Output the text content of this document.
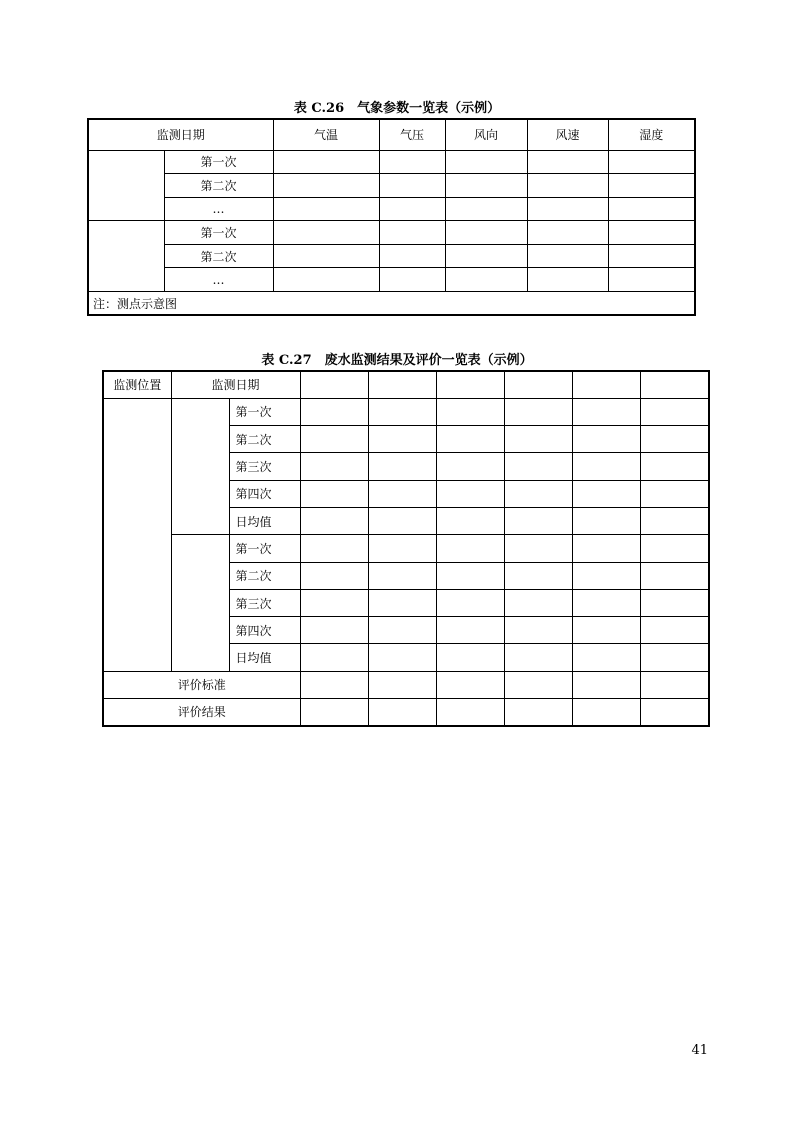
表 C.26　气象参数一览表（示例）
监测日期		气温	气压	风向	风速	湿度
	第一次					
	第二次					
	…					
	第一次					
	第二次					
	…					
注：测点示意图						
表 C.27　废水监测结果及评价一览表（示例）
监测位置	监测日期							
		第一次						
		第二次						
		第三次						
		第四次						
		日均值						
		第一次						
		第二次						
		第三次						
		第四次						
		日均值						
评价标准								
评价结果								
41
